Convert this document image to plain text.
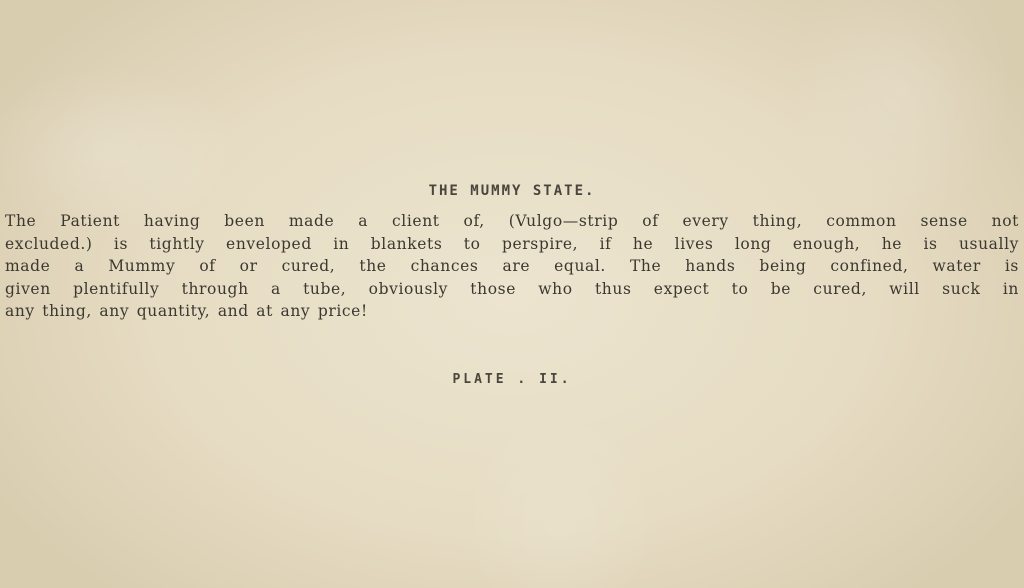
THE MUMMY STATE.
The Patient having been made a client of, (Vulgo—strip of every thing, common sense not
excluded.) is tightly enveloped in blankets to perspire, if he lives long enough, he is usually
made a Mummy of or cured, the chances are equal. The hands being confined, water is
given plentifully through a tube, obviously those who thus expect to be cured, will suck in
any thing, any quantity, and at any price!
PLATE . II.
